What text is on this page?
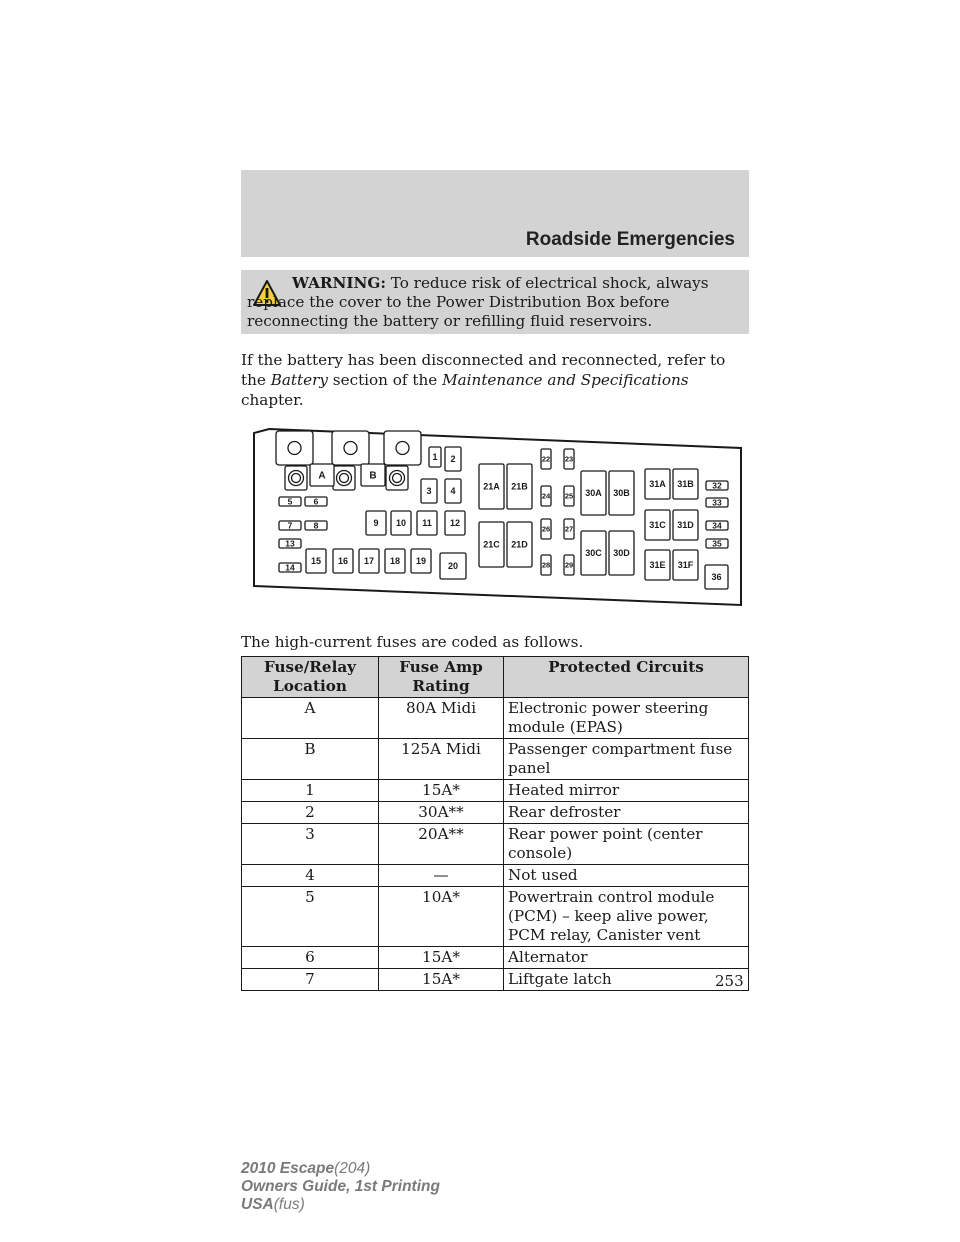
Roadside Emergencies
WARNING: To reduce risk of electrical shock, always replace the cover to the Power Distribution Box before reconnecting the battery or refilling fluid reservoirs.
If the battery has been disconnected and reconnected, refer to the Battery section of the Maintenance and Specifications chapter.
A	B
5	6
7	8
13
14
1 2
3 4
9 10 11 12
15 16 17 18 19 20
21A 21B
21C 21D
22 23
24 25
26 27
28 29
30A 30B
30C 30D
31A 31B
31C 31D
31E 31F
32
33
34
35
36
The high-current fuses are coded as follows.
Fuse/Relay Location	Fuse Amp Rating	Protected Circuits
A	80A Midi	Electronic power steering module (EPAS)
B	125A Midi	Passenger compartment fuse panel
1	15A*	Heated mirror
2	30A**	Rear defroster
3	20A**	Rear power point (center console)
4	—	Not used
5	10A*	Powertrain control module (PCM) – keep alive power, PCM relay, Canister vent
6	15A*	Alternator
7	15A*	Liftgate latch	253
2010 Escape(204)
Owners Guide, 1st Printing
USA(fus)
